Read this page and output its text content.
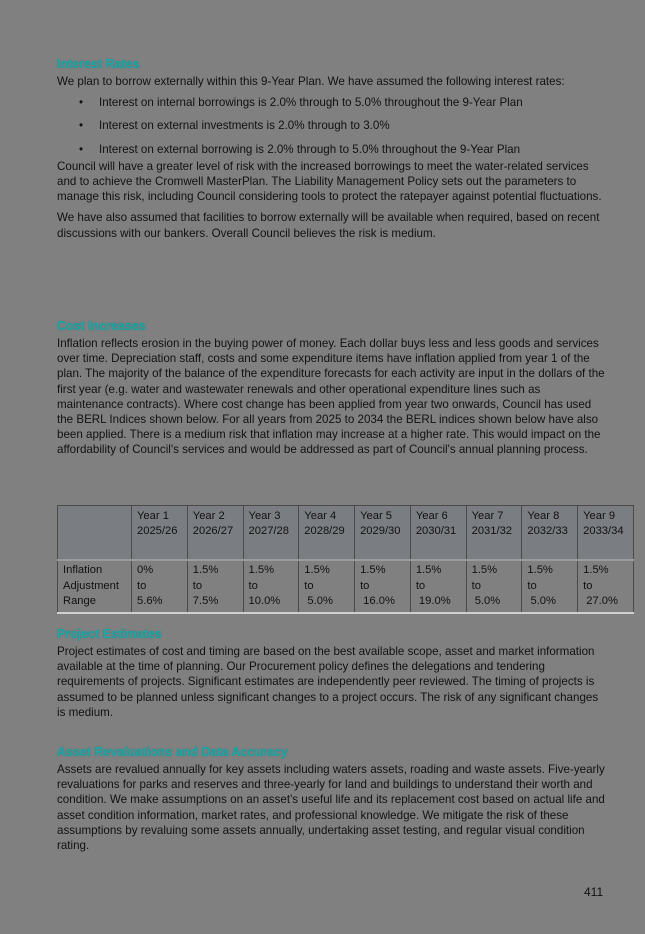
Interest Rates

We plan to borrow externally within this 9-Year Plan. We have assumed the following interest rates:

• Interest on internal borrowings is 2.0% through to 5.0% throughout the 9-Year Plan
• Interest on external investments is 2.0% through to 3.0%
• Interest on external borrowing is 2.0% through to 5.0% throughout the 9-Year Plan

Council will have a greater level of risk with the increased borrowings to meet the water-related services and to achieve the Cromwell MasterPlan. The Liability Management Policy sets out the parameters to manage this risk, including Council considering tools to protect the ratepayer against potential fluctuations.

We have also assumed that facilities to borrow externally will be available when required, based on recent discussions with our bankers. Overall Council believes the risk is medium.

Cost Increases

Inflation reflects erosion in the buying power of money. Each dollar buys less and less goods and services over time. Depreciation staff, costs and some expenditure items have inflation applied from year 1 of the plan. The majority of the balance of the expenditure forecasts for each activity are input in the dollars of the first year (e.g. water and wastewater renewals and other operational expenditure lines such as maintenance contracts). Where cost change has been applied from year two onwards, Council has used the BERL Indices shown below. For all years from 2025 to 2034 the BERL indices shown below have also been applied. There is a medium risk that inflation may increase at a higher rate. This would impact on the affordability of Council's services and would be addressed as part of Council's annual planning process.

Project Estimates

Project estimates of cost and timing are based on the best available scope, asset and market information available at the time of planning. Our Procurement policy defines the delegations and tendering requirements of projects. Significant estimates are independently peer reviewed. The timing of projects is assumed to be planned unless significant changes to a project occurs. The risk of any significant changes is medium.

Asset Revaluations and Data Accuracy

Assets are revalued annually for key assets including waters assets, roading and waste assets. Five-yearly revaluations for parks and reserves and three-yearly for land and buildings to understand their worth and condition. We make assumptions on an asset's useful life and its replacement cost based on actual life and asset condition information, market rates, and professional knowledge. We mitigate the risk of these assumptions by revaluing some assets annually, undertaking asset testing, and regular visual condition rating.

	Year 1
2025/26	Year 2
2026/27	Year 3
2027/28	Year 4
2028/29	Year 5
2029/30	Year 6
2030/31	Year 7
2031/32	Year 8
2032/33	Year 9
2033/34

Inflation
Adjustment
Range	0%
to
5.6%	1.5%
to
7.5%	1.5%
to
10.0%	1.5%
to
5.0%	1.5%
to
16.0%	1.5%
to
19.0%	1.5%
to
5.0%	1.5%
to
5.0%	1.5%
to
27.0%
411
